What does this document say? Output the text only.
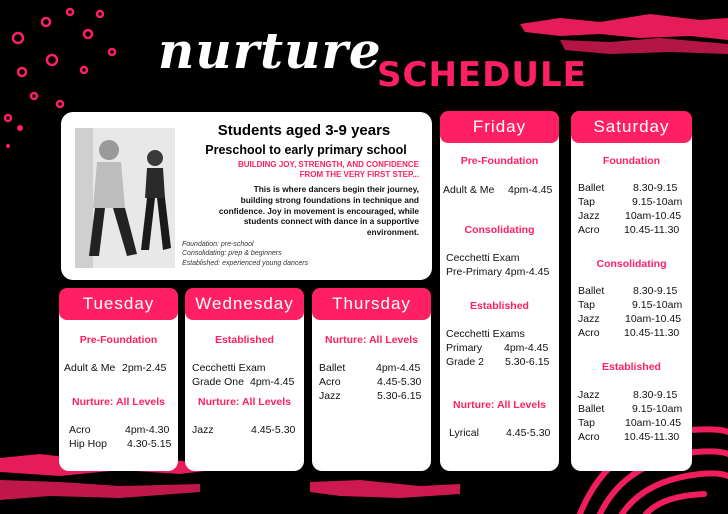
nurture
SCHEDULE
Students aged 3-9 years
Preschool to early primary school
BUILDING JOY, STRENGTH, AND CONFIDENCE
FROM THE VERY FIRST STEP...
This is where dancers begin their journey,
building strong foundations in technique and
confidence. Joy in movement is encouraged, while
students connect with dance in a supportive
environment.
Foundation: pre-school
Consolidating: prep & beginners
Established: experienced young dancers
Tuesday
Pre-Foundation
Adult & Me 2pm-2.45
Nurture: All Levels
Acro	4pm-4.30
Hip Hop 4.30-5.15
Wednesday
Established
Cecchetti Exam
Grade One 4pm-4.45
Nurture: All Levels
Jazz	4.45-5.30
Thursday
Nurture: All Levels
Ballet	4pm-4.45
Acro	4.45-5.30
Jazz	5.30-6.15
Friday
Pre-Foundation
Adult & Me 4pm-4.45
Consolidating
Cecchetti Exam
Pre-Primary 4pm-4.45
Established
Cecchetti Exams
Primary 4pm-4.45
Grade 2 5.30-6.15
Nurture: All Levels
Lyrical	4.45-5.30
Saturday
Foundation
Ballet	8.30-9.15
Tap	9.15-10am
Jazz 10am-10.45
Acro 10.45-11.30
Consolidating
Ballet	8.30-9.15
Tap	9.15-10am
Jazz 10am-10.45
Acro 10.45-11.30
Established
Jazz	8.30-9.15
Ballet	9.15-10am
Tap	10am-10.45
Acro 10.45-11.30
